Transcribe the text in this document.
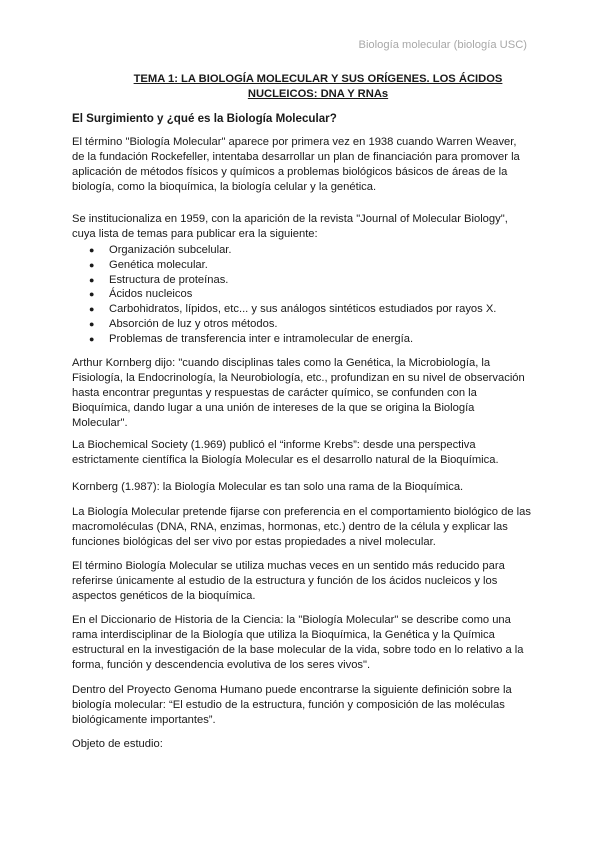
Biología molecular (biología USC)
TEMA 1: LA BIOLOGÍA MOLECULAR Y SUS ORÍGENES. LOS ÁCIDOS NUCLEICOS: DNA Y RNAs
El Surgimiento y ¿qué es la Biología Molecular?

El término "Biología Molecular" aparece por primera vez en 1938 cuando Warren Weaver, de la fundación Rockefeller, intentaba desarrollar un plan de financiación para promover la aplicación de métodos físicos y químicos a problemas biológicos básicos de áreas de la biología, como la bioquímica, la biología celular y la genética.

Se institucionaliza en 1959, con la aparición de la revista "Journal of Molecular Biology", cuya lista de temas para publicar era la siguiente:

● Organización subcelular.
● Genética molecular.
● Estructura de proteínas.
● Ácidos nucleicos
● Carbohidratos, lípidos, etc... y sus análogos sintéticos estudiados por rayos X.
● Absorción de luz y otros métodos.
● Problemas de transferencia inter e intramolecular de energía.

Arthur Kornberg dijo: "cuando disciplinas tales como la Genética, la Microbiología, la Fisiología, la Endocrinología, la Neurobiología, etc., profundizan en su nivel de observación hasta encontrar preguntas y respuestas de carácter químico, se confunden con la Bioquímica, dando lugar a una unión de intereses de la que se origina la Biología Molecular".

La Biochemical Society (1.969) publicó el “informe Krebs”: desde una perspectiva estrictamente científica la Biología Molecular es el desarrollo natural de la Bioquímica.

Kornberg (1.987): la Biología Molecular es tan solo una rama de la Bioquímica.

La Biología Molecular pretende fijarse con preferencia en el comportamiento biológico de las macromoléculas (DNA, RNA, enzimas, hormonas, etc.) dentro de la célula y explicar las funciones biológicas del ser vivo por estas propiedades a nivel molecular.

El término Biología Molecular se utiliza muchas veces en un sentido más reducido para referirse únicamente al estudio de la estructura y función de los ácidos nucleicos y los aspectos genéticos de la bioquímica.

En el Diccionario de Historia de la Ciencia: la "Biología Molecular" se describe como una rama interdisciplinar de la Biología que utiliza la Bioquímica, la Genética y la Química estructural en la investigación de la base molecular de la vida, sobre todo en lo relativo a la forma, función y descendencia evolutiva de los seres vivos".

Dentro del Proyecto Genoma Humano puede encontrarse la siguiente definición sobre la biología molecular: “El estudio de la estructura, función y composición de las moléculas biológicamente importantes”.

Objeto de estudio:
